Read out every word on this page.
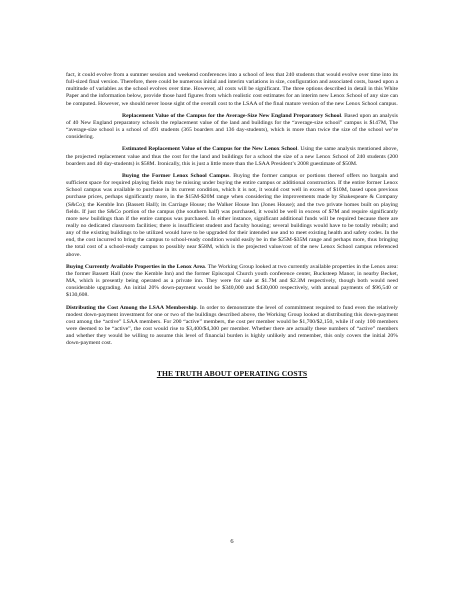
fact, it could evolve from a summer session and weekend conferences into a school of less that 240 students that would evolve over time into its full-sized final version. Therefore, there could be numerous initial and interim variations in size, configuration and associated costs, based upon a multitude of variables as the school evolves over time. However, all costs will be significant. The three options described in detail in this White Paper and the information below, provide those hard figures from which realistic cost estimates for an interim new Lenox School of any size can be computed. However, we should never loose sight of the overall cost to the LSAA of the final mature version of the new Lenox School campus.

Replacement Value of the Campus for the Average-Size New England Preparatory School. Based upon an analysis of 40 New England preparatory schools the replacement value of the land and buildings for the “average-size school” campus is $147M, The “average-size school is a school of 491 students (365 boarders and 136 day-students), which is more than twice the size of the school we’re considering.

Estimated Replacement Value of the Campus for the New Lenox School. Using the same analysis mentioned above, the projected replacement value and thus the cost for the land and buildings for a school the size of a new Lenox School of 240 students (200 boarders and 40 day-students) is $58M. Ironically, this is just a little more than the LSAA President’s 2008 guestimate of $50M.

Buying the Former Lenox School Campus. Buying the former campus or portions thereof offers no bargain and sufficient space for required playing fields may be missing under buying the entire campus or additional construction. If the entire former Lenox School campus was available to purchase in its current condition, which it is not, it would cost well in excess of $10M, based upon previous purchase prices, perhaps significantly more, in the $15M-$20M range when considering the improvements made by Shakespeare & Company (S&Co); the Kemble Inn (Bassett Hall); its Carriage House; the Walker House Inn (Jones House); and the two private homes built on playing fields. If just the S&Co portion of the campus (the southern half) was purchased, it would be well in excess of $7M and require significantly more new buildings than if the entire campus was purchased. In either instance, significant additional funds will be required because there are really no dedicated classroom facilities; there is insufficient student and faculty housing; several buildings would have to be totally rebuilt; and any of the existing buildings to be utilized would have to be upgraded for their intended use and to meet existing health and safety codes. In the end, the cost incurred to bring the campus to school-ready condition would easily be in the $25M-$35M range and perhaps more, thus bringing the total cost of a school-ready campus to possibly near $58M, which is the projected value/cost of the new Lenox School campus referenced above.

Buying Currently Available Properties in the Lenox Area. The Working Group looked at two currently available properties in the Lenox area: the former Bassett Hall (now the Kemble Inn) and the former Episcopal Church youth conference center, Bucksteep Manor, in nearby Becket, MA, which is presently being operated as a private inn. They were for sale at $1.7M and $2.3M respectively, though both would need considerable upgrading. An initial 20% down-payment would be $340,000 and $430,000 respectively, with annual payments of $96,540 or $130,608.

Distributing the Cost Among the LSAA Membership. In order to demonstrate the level of commitment required to fund even the relatively modest down-payment investment for one or two of the buildings described above, the Working Group looked at distributing this down-payment cost among the “active” LSAA members. For 200 “active” members, the cost per member would be $1,700/$2,150, while if only 100 members were deemed to be “active”, the cost would rise to $3,400/$4,300 per member. Whether there are actually these numbers of “active” members and whether they would be willing to assume this level of financial burden is highly unlikely and remember, this only covers the initial 20% down-payment cost.

THE TRUTH ABOUT OPERATING COSTS
6
